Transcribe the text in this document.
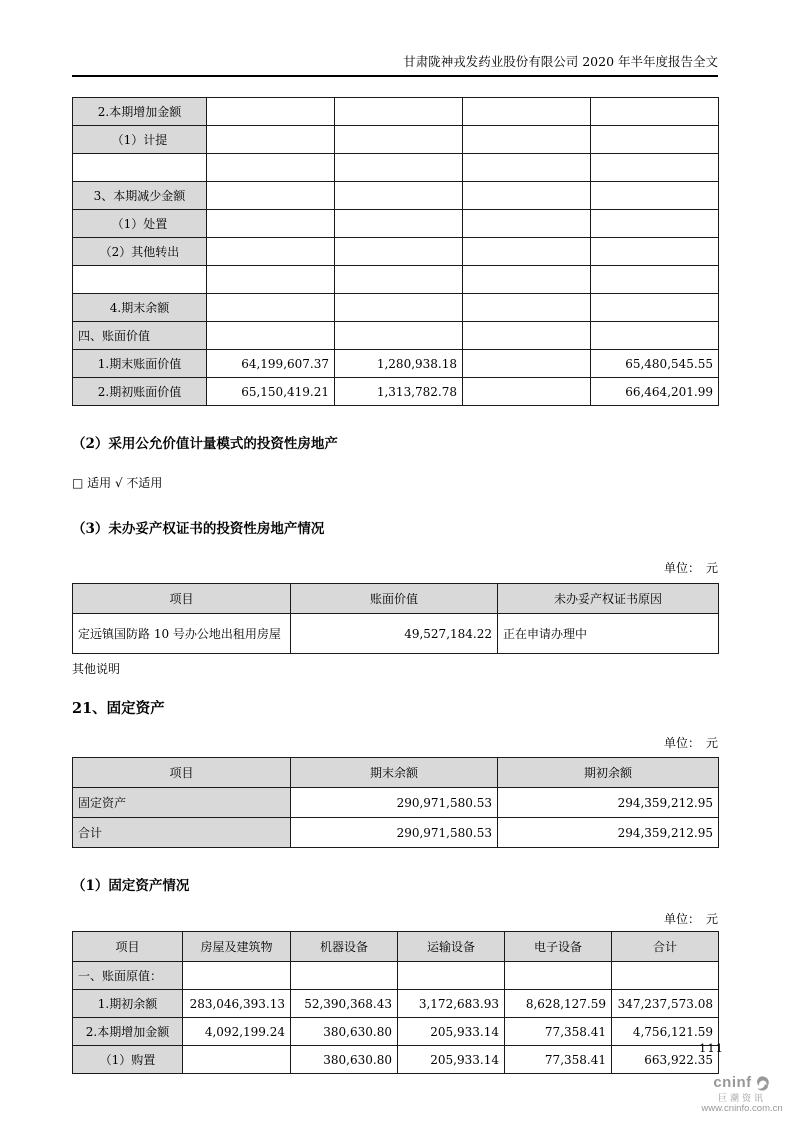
甘肃陇神戎发药业股份有限公司 2020 年半年度报告全文
2.本期增加金额				
（1）计提				

3、本期减少金额				
（1）处置				
（2）其他转出				

4.期末余额				
四、账面价值				
1.期末账面价值	64,199,607.37	1,280,938.18		65,480,545.55
2.期初账面价值	65,150,419.21	1,313,782.78		66,464,201.99
（2）采用公允价值计量模式的投资性房地产
□ 适用 √ 不适用
（3）未办妥产权证书的投资性房地产情况
单位：　元
项目	账面价值	未办妥产权证书原因
定远镇国防路 10 号办公地出租用房屋	49,527,184.22	正在申请办理中
其他说明
21、固定资产
单位：　元
项目	期末余额	期初余额
固定资产	290,971,580.53	294,359,212.95
合计	290,971,580.53	294,359,212.95
（1）固定资产情况
单位：　元
项目	房屋及建筑物	机器设备	运输设备	电子设备	合计
一、账面原值：					
1.期初余额	283,046,393.13	52,390,368.43	3,172,683.93	8,628,127.59	347,237,573.08
2.本期增加金额	4,092,199.24	380,630.80	205,933.14	77,358.41	4,756,121.59
（1）购置		380,630.80	205,933.14	77,358.41	663,922.35
111
cninf
巨潮资讯
www.cninfo.com.cn
